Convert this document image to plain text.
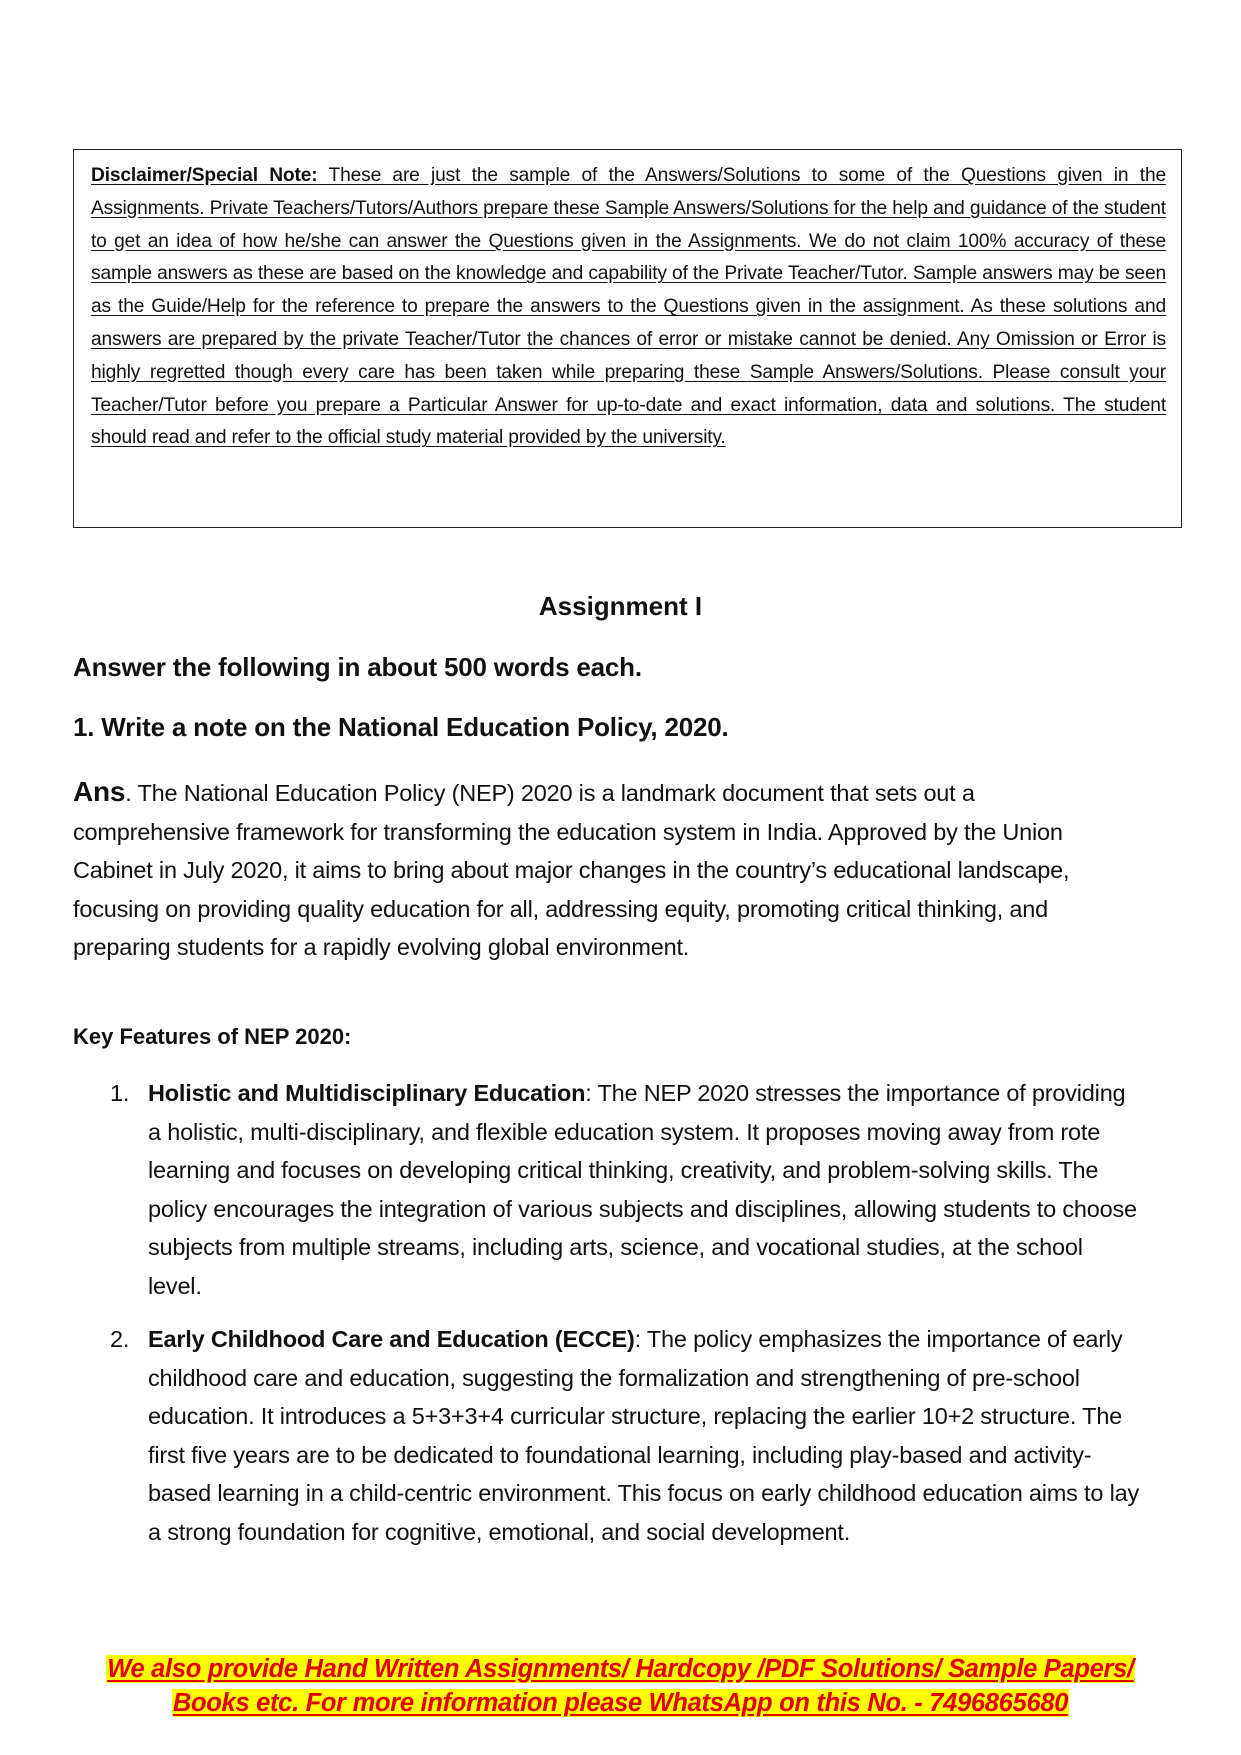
Disclaimer/Special Note: These are just the sample of the Answers/Solutions to some of the Questions given in the Assignments. Private Teachers/Tutors/Authors prepare these Sample Answers/Solutions for the help and guidance of the student to get an idea of how he/she can answer the Questions given in the Assignments. We do not claim 100% accuracy of these sample answers as these are based on the knowledge and capability of the Private Teacher/Tutor. Sample answers may be seen as the Guide/Help for the reference to prepare the answers to the Questions given in the assignment. As these solutions and answers are prepared by the private Teacher/Tutor the chances of error or mistake cannot be denied. Any Omission or Error is highly regretted though every care has been taken while preparing these Sample Answers/Solutions. Please consult your Teacher/Tutor before you prepare a Particular Answer for up-to-date and exact information, data and solutions. The student should read and refer to the official study material provided by the university.

Assignment I
Answer the following in about 500 words each.
1. Write a note on the National Education Policy, 2020.

Ans. The National Education Policy (NEP) 2020 is a landmark document that sets out a comprehensive framework for transforming the education system in India. Approved by the Union Cabinet in July 2020, it aims to bring about major changes in the country’s educational landscape, focusing on providing quality education for all, addressing equity, promoting critical thinking, and preparing students for a rapidly evolving global environment.

Key Features of NEP 2020:
1. Holistic and Multidisciplinary Education: The NEP 2020 stresses the importance of providing a holistic, multi-disciplinary, and flexible education system. It proposes moving away from rote learning and focuses on developing critical thinking, creativity, and problem-solving skills. The policy encourages the integration of various subjects and disciplines, allowing students to choose subjects from multiple streams, including arts, science, and vocational studies, at the school level.
2. Early Childhood Care and Education (ECCE): The policy emphasizes the importance of early childhood care and education, suggesting the formalization and strengthening of pre-school education. It introduces a 5+3+3+4 curricular structure, replacing the earlier 10+2 structure. The first five years are to be dedicated to foundational learning, including play-based and activity-based learning in a child-centric environment. This focus on early childhood education aims to lay a strong foundation for cognitive, emotional, and social development.

We also provide Hand Written Assignments/ Hardcopy /PDF Solutions/ Sample Papers/
Books etc. For more information please WhatsApp on this No. - 7496865680
